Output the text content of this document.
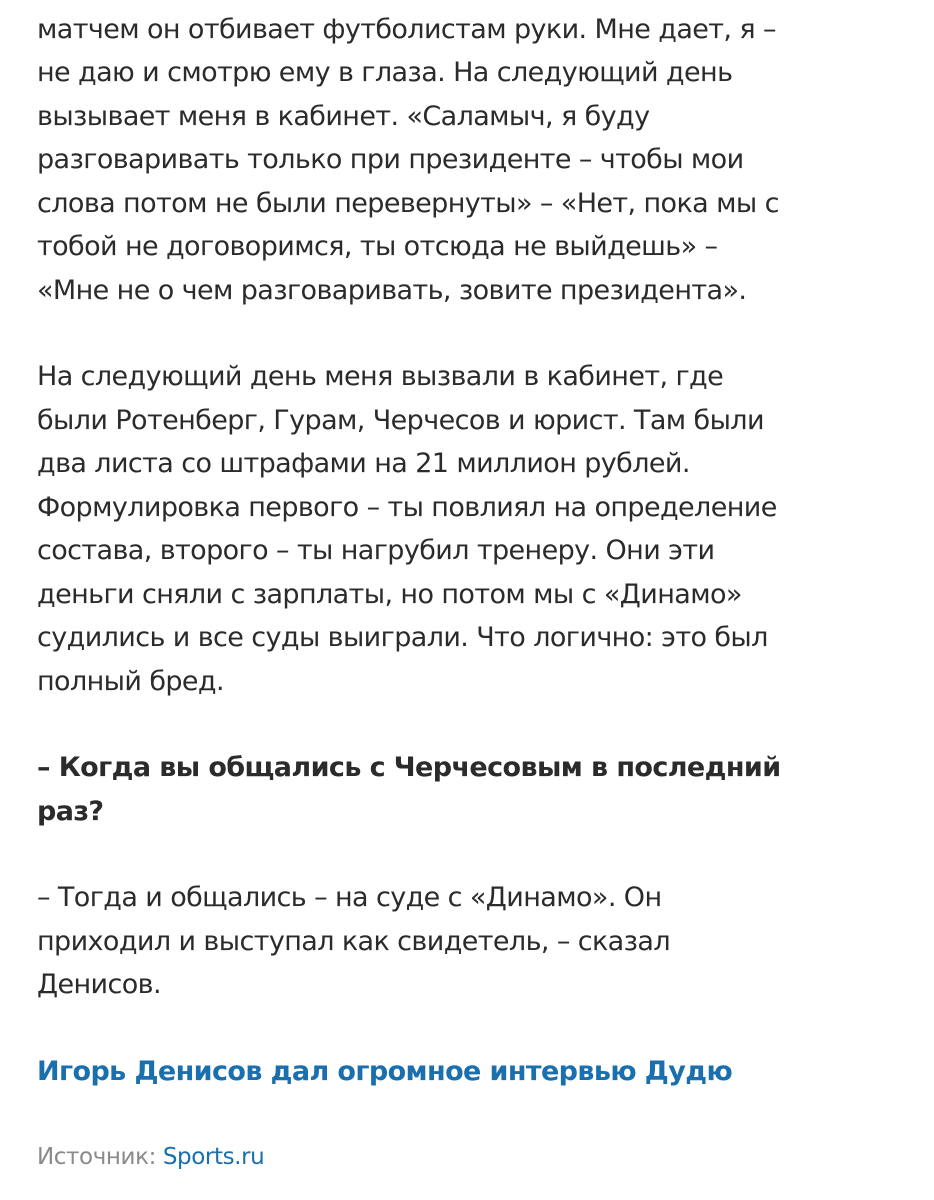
матчем он отбивает футболистам руки. Мне дает, я –
не даю и смотрю ему в глаза. На следующий день
вызывает меня в кабинет. «Саламыч, я буду
разговаривать только при президенте – чтобы мои
слова потом не были перевернуты» – «Нет, пока мы с
тобой не договоримся, ты отсюда не выйдешь» –
«Мне не о чем разговаривать, зовите президента».

На следующий день меня вызвали в кабинет, где
были Ротенберг, Гурам, Черчесов и юрист. Там были
два листа со штрафами на 21 миллион рублей.
Формулировка первого – ты повлиял на определение
состава, второго – ты нагрубил тренеру. Они эти
деньги сняли с зарплаты, но потом мы с «Динамо»
судились и все суды выиграли. Что логично: это был
полный бред.

– Когда вы общались с Черчесовым в последний
раз?

– Тогда и общались – на суде с «Динамо». Он
приходил и выступал как свидетель, – сказал
Денисов.

Игорь Денисов дал огромное интервью Дудю

Источник: Sports.ru
